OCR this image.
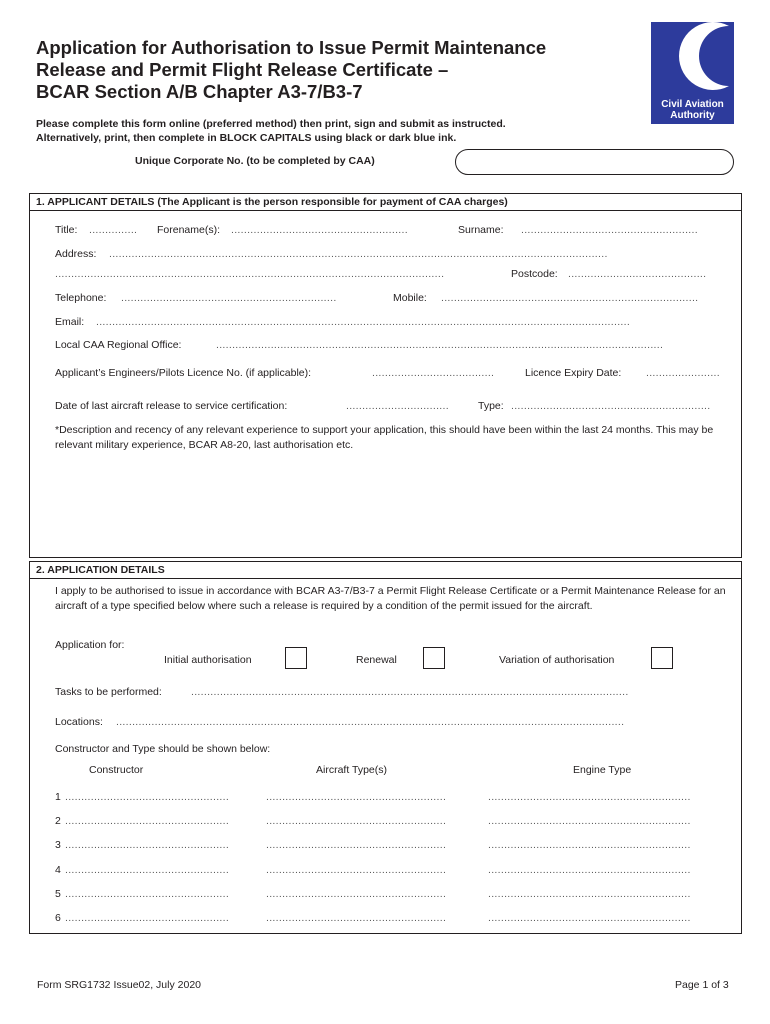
Application for Authorisation to Issue Permit Maintenance
Release and Permit Flight Release Certificate –
BCAR Section A/B Chapter A3-7/B3-7
Civil Aviation
Authority
Please complete this form online (preferred method) then print, sign and submit as instructed.
Alternatively, print, then complete in BLOCK CAPITALS using black or dark blue ink.
Unique Corporate No. (to be completed by CAA)
1. APPLICANT DETAILS (The Applicant is the person responsible for payment of CAA charges)
Title: ............... Forename(s): .......................................................	Surname: .......................................................
Address: ...........................................................................................................................................................
.........................................................................................................................	Postcode: ...........................................
Telephone: ...................................................................	Mobile: ................................................................................
Email: ......................................................................................................................................................................
Local CAA Regional Office:	...........................................................................................................................................
Applicant’s Engineers/Pilots Licence No. (if applicable):	......................................	Licence Expiry Date: .......................
Date of last aircraft release to service certification:	................................	Type: ..............................................................
*Description and recency of any relevant experience to support your application, this should have been within the last 24 months. This may be relevant military experience, BCAR A8-20, last authorisation etc.
2. APPLICATION DETAILS
I apply to be authorised to issue in accordance with BCAR A3-7/B3-7 a Permit Flight Release Certificate or a Permit Maintenance Release for an aircraft of a type specified below where such a release is required by a condition of the permit issued for the aircraft.
Application for:
Initial authorisation	Renewal	Variation of authorisation
Tasks to be performed:	........................................................................................................................................
Locations: ..............................................................................................................................................................
Constructor and Type should be shown below:
Constructor	Aircraft Type(s)	Engine Type
1 ...................................................	........................................................	...............................................................
2 ...................................................	........................................................	...............................................................
3 ...................................................	........................................................	...............................................................
4 ...................................................	........................................................	...............................................................
5 ...................................................	........................................................	...............................................................
6 ...................................................	........................................................	...............................................................
Form SRG1732 Issue02, July 2020	Page 1 of 3
